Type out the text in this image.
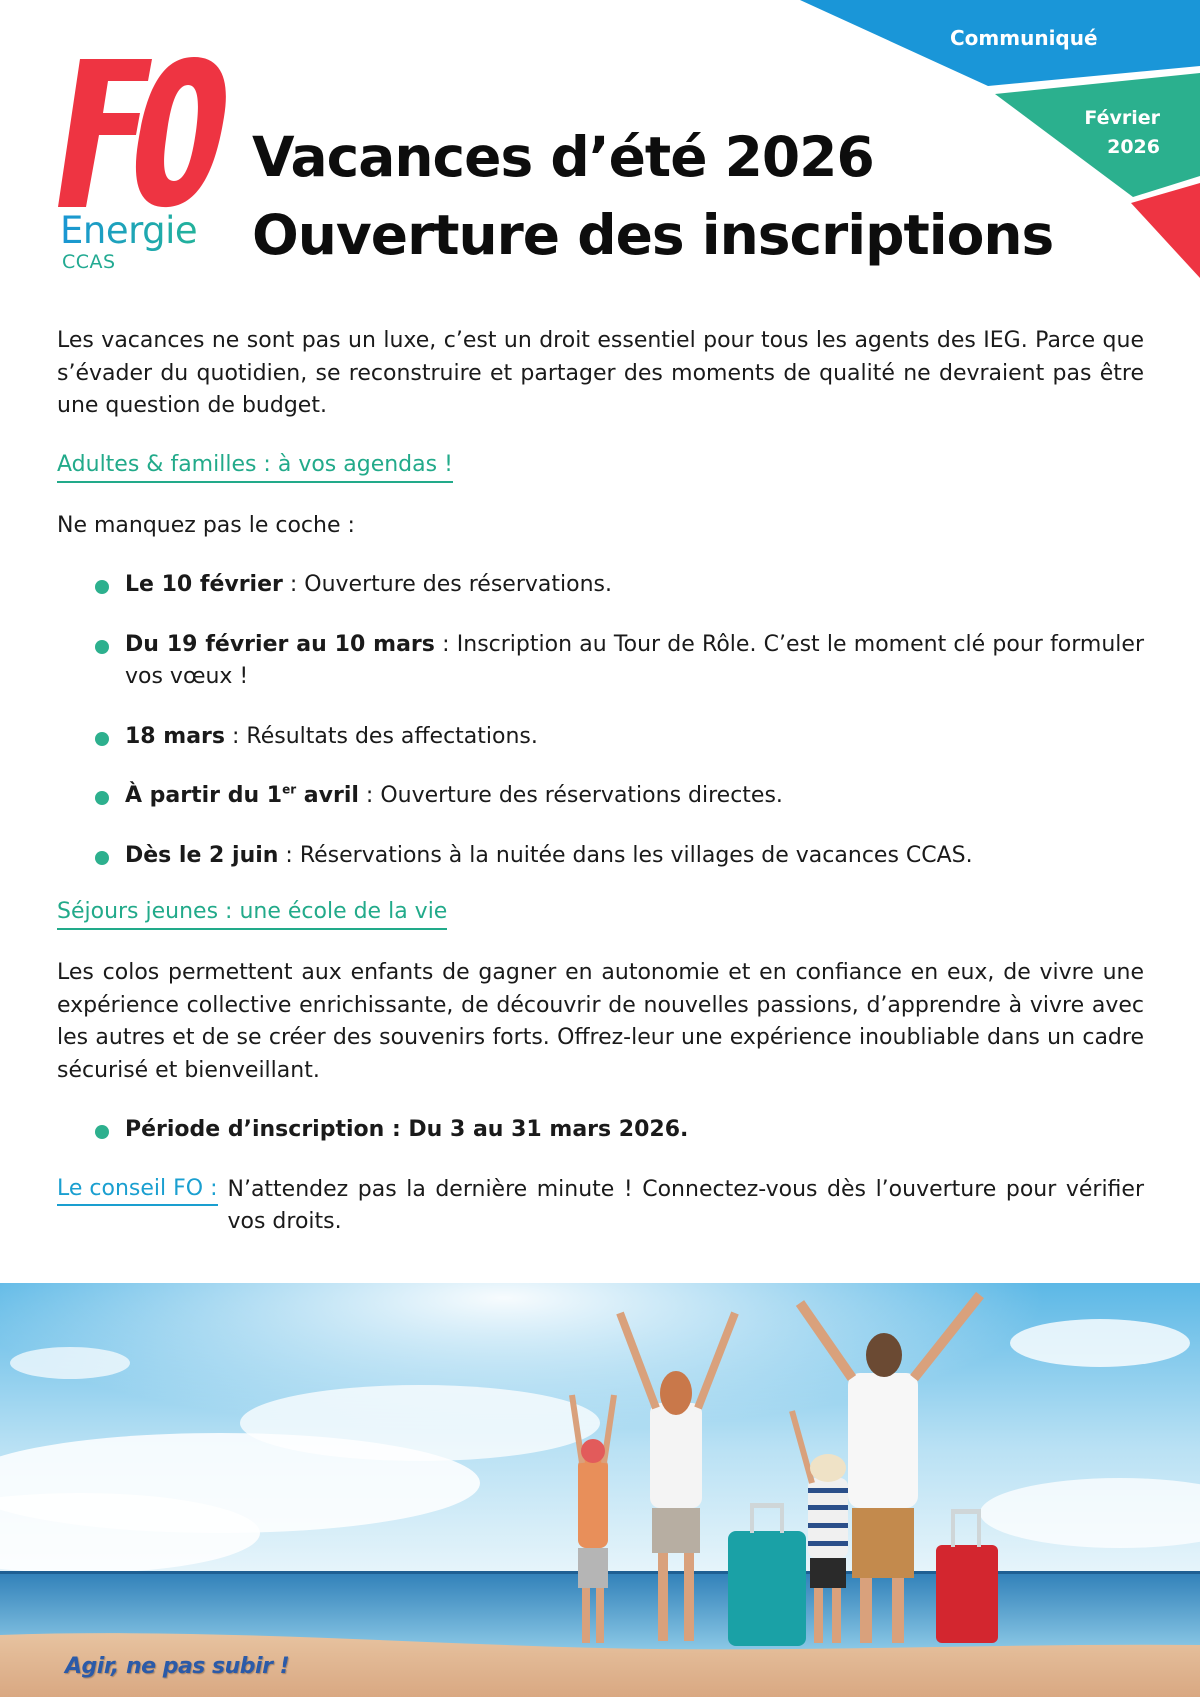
Communiqué
Février
2026
Energie
CCAS
Vacances d’été 2026
Ouverture des inscriptions

Les vacances ne sont pas un luxe, c’est un droit essentiel pour tous les agents des IEG. Parce que s’évader du quotidien, se reconstruire et partager des moments de qualité ne devraient pas être une question de budget.

Adultes & familles : à vos agendas !

Ne manquez pas le coche :

Le 10 février : Ouverture des réservations.
Du 19 février au 10 mars : Inscription au Tour de Rôle. C’est le moment clé pour formuler vos vœux !
18 mars : Résultats des affectations.
À partir du 1er avril : Ouverture des réservations directes.
Dès le 2 juin : Réservations à la nuitée dans les villages de vacances CCAS.
Séjours jeunes : une école de la vie

Les colos permettent aux enfants de gagner en autonomie et en confiance en eux, de vivre une expérience collective enrichissante, de découvrir de nouvelles passions, d’apprendre à vivre avec les autres et de se créer des souvenirs forts. Offrez-leur une expérience inoubliable dans un cadre sécurisé et bienveillant.

Période d’inscription : Du 3 au 31 mars 2026.
Le conseil FO : N’attendez pas la dernière minute ! Connectez-vous dès l’ouverture pour vérifier vos droits.
Agir, ne pas subir !
